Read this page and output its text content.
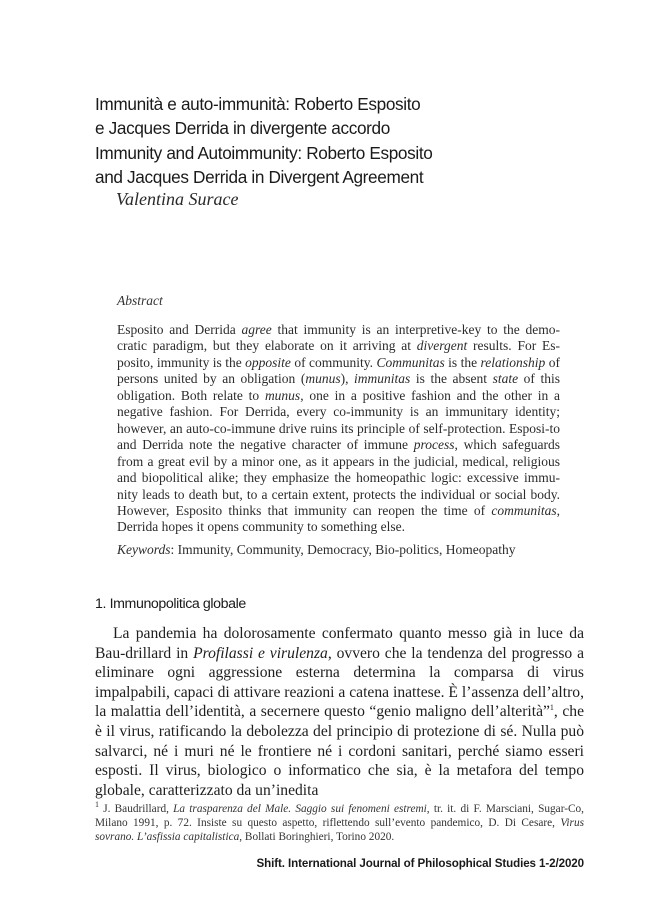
Immunità e auto-immunità: Roberto Esposito
e Jacques Derrida in divergente accordo
Immunity and Autoimmunity: Roberto Esposito
and Jacques Derrida in Divergent Agreement
Valentina Surace
Abstract

Esposito and Derrida agree that immunity is an interpretive-key to the demo-cratic paradigm, but they elaborate on it arriving at divergent results. For Es-posito, immunity is the opposite of community. Communitas is the relationship of persons united by an obligation (munus), immunitas is the absent state of this obligation. Both relate to munus, one in a positive fashion and the other in a negative fashion. For Derrida, every co-immunity is an immunitary identity; however, an auto-co-immune drive ruins its principle of self-protection. Esposi-to and Derrida note the negative character of immune process, which safeguards from a great evil by a minor one, as it appears in the judicial, medical, religious and biopolitical alike; they emphasize the homeopathic logic: excessive immu-nity leads to death but, to a certain extent, protects the individual or social body. However, Esposito thinks that immunity can reopen the time of communitas, Derrida hopes it opens community to something else.

Keywords: Immunity, Community, Democracy, Bio-politics, Homeopathy
1. Immunopolitica globale

La pandemia ha dolorosamente confermato quanto messo già in luce da Bau-drillard in Profilassi e virulenza, ovvero che la tendenza del progresso a eliminare ogni aggressione esterna determina la comparsa di virus impalpabili, capaci di attivare reazioni a catena inattese. È l’assenza dell’altro, la malattia dell’identità, a secernere questo “genio maligno dell’alterità”$^1$, che è il virus, ratificando la debolezza del principio di protezione di sé. Nulla può salvarci, né i muri né le frontiere né i cordoni sanitari, perché siamo esseri esposti. Il virus, biologico o informatico che sia, è la metafora del tempo globale, caratterizzato da un’inedita

$^1$ J. Baudrillard, La trasparenza del Male. Saggio sui fenomeni estremi, tr. it. di F. Marsciani, Sugar-Co, Milano 1991, p. 72. Insiste su questo aspetto, riflettendo sull’evento pandemico, D. Di Cesare, Virus sovrano. L’asfissia capitalistica, Bollati Boringhieri, Torino 2020.

Shift. International Journal of Philosophical Studies 1-2/2020
